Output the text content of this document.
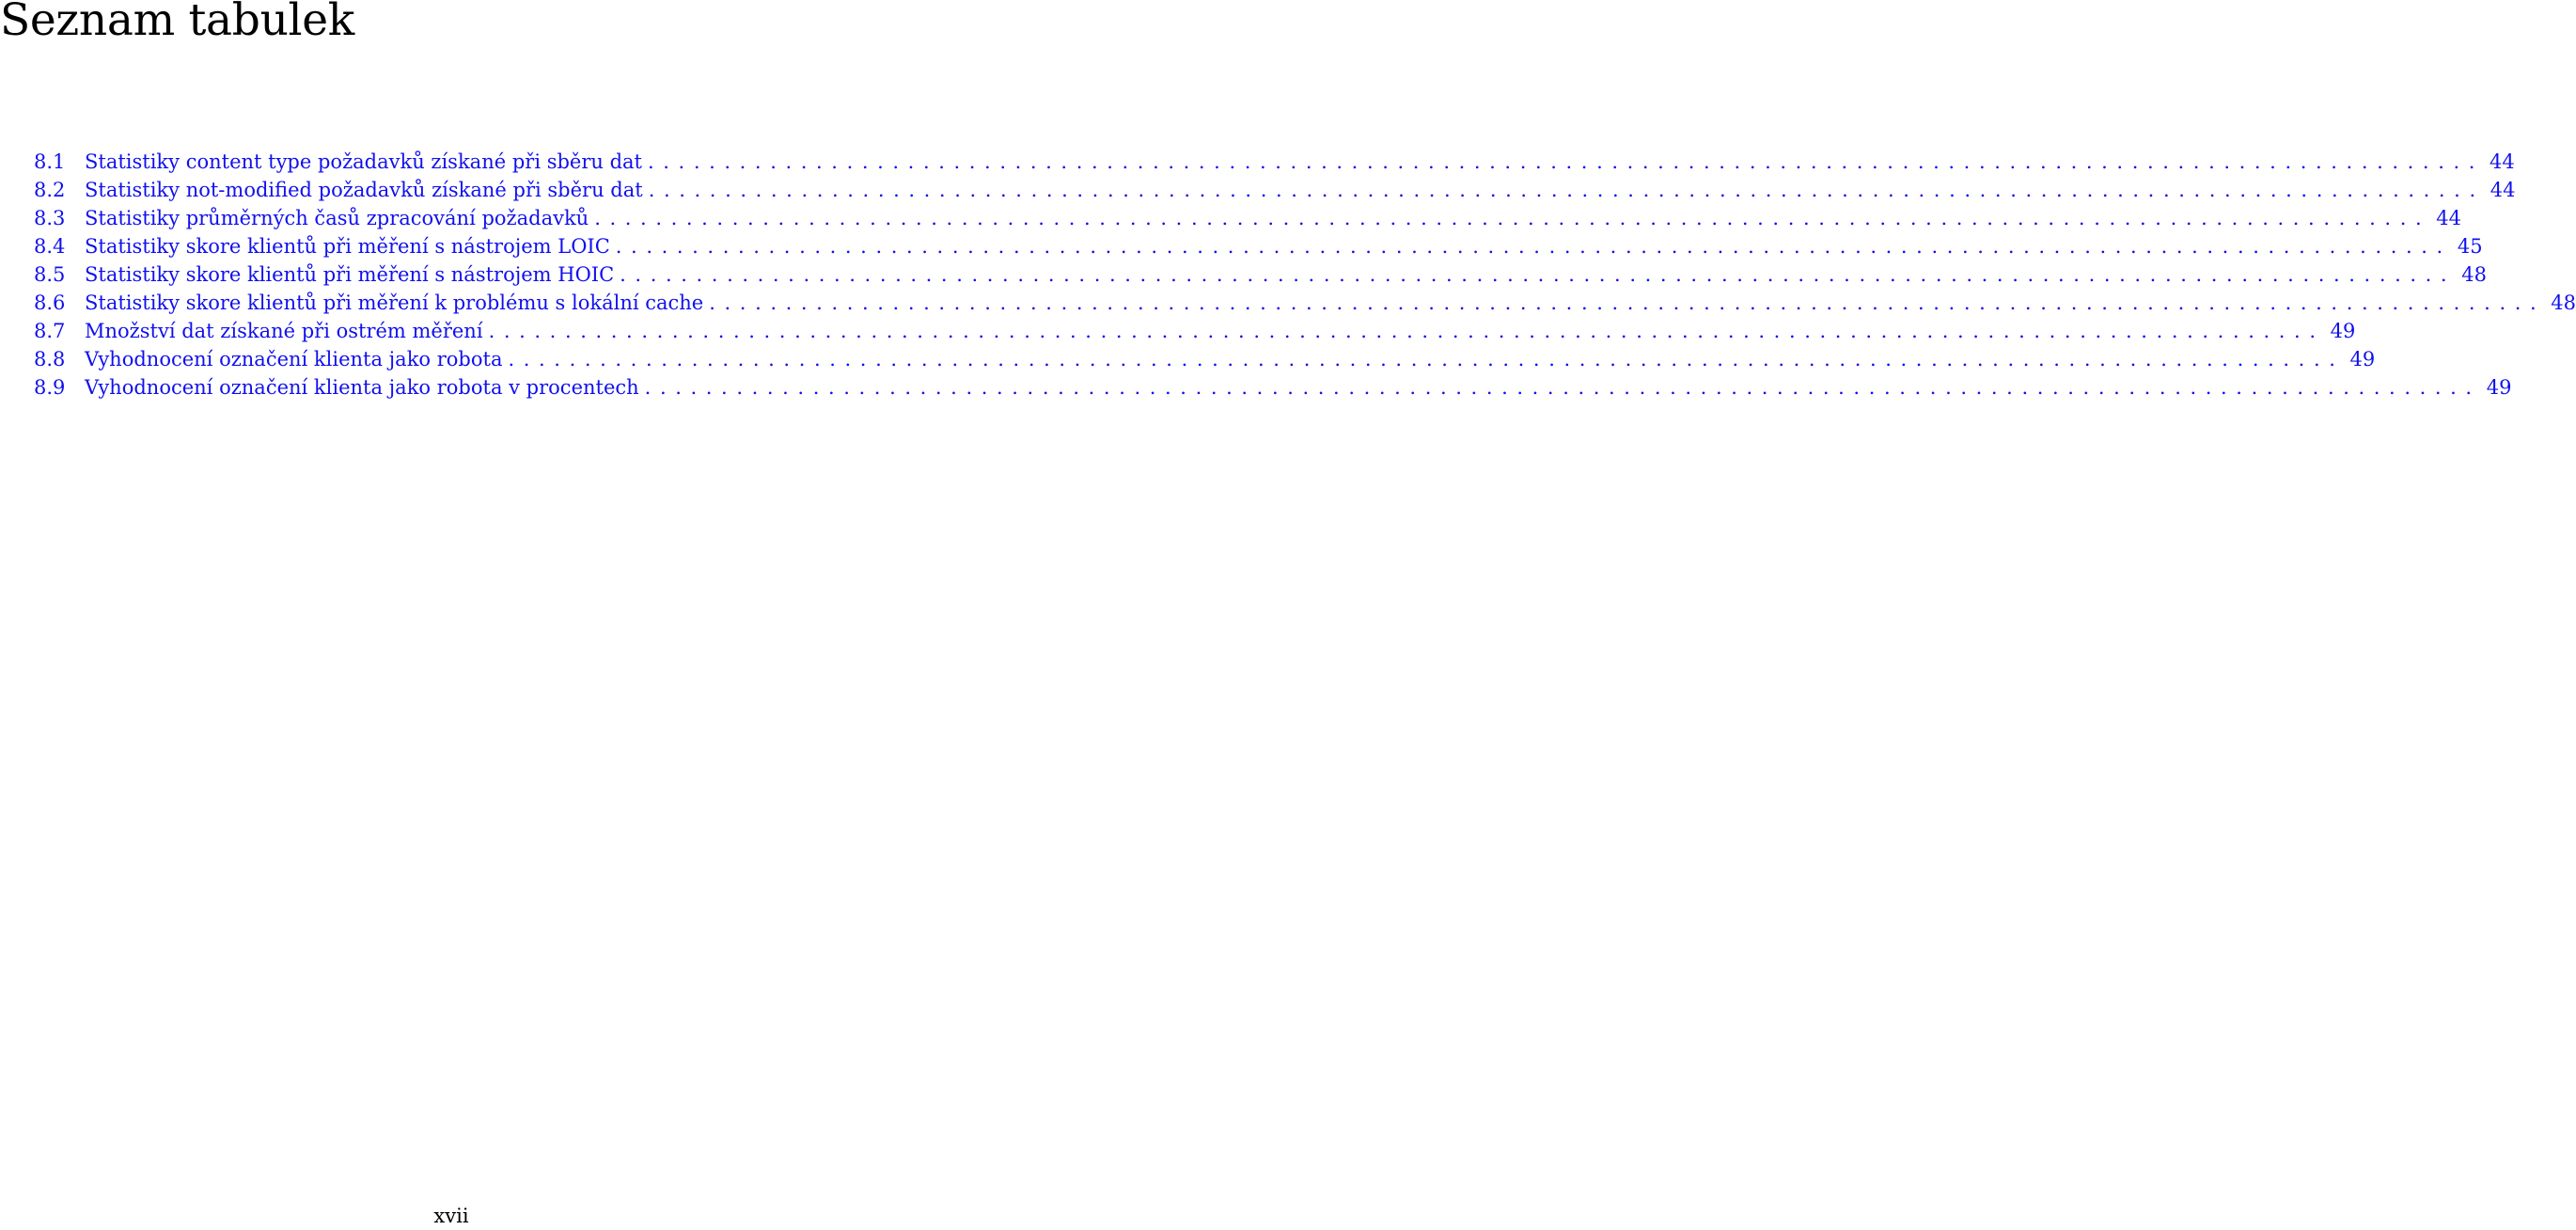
Seznam tabulek
8.1 Statistiky content type požadavků získané při sběru dat ........................................................................................................................ 44
8.2 Statistiky not-modified požadavků získané při sběru dat ........................................................................................................................ 44
8.3 Statistiky průměrných časů zpracování požadavků ........................................................................................................................ 44
8.4 Statistiky skore klientů při měření s nástrojem LOIC ........................................................................................................................ 45
8.5 Statistiky skore klientů při měření s nástrojem HOIC ........................................................................................................................ 48
8.6 Statistiky skore klientů při měření k problému s lokální cache ........................................................................................................................ 48
8.7 Množství dat získané při ostrém měření ........................................................................................................................ 49
8.8 Vyhodnocení označení klienta jako robota ........................................................................................................................ 49
8.9 Vyhodnocení označení klienta jako robota v procentech ........................................................................................................................ 49
xvii
